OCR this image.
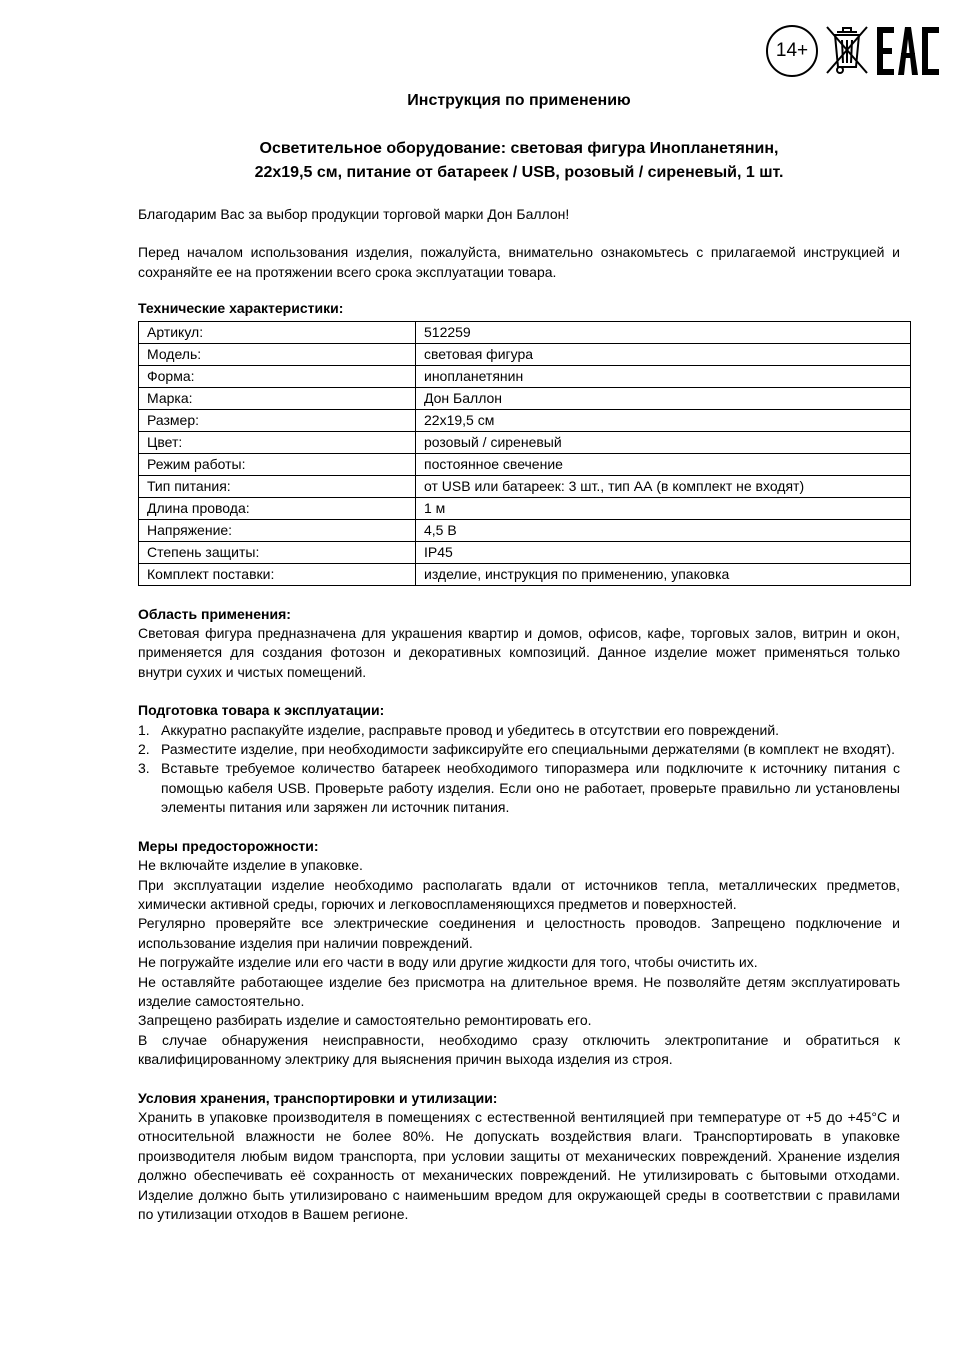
14+
Инструкция по применению
Осветительное оборудование: световая фигура Инопланетянин,
22x19,5 см, питание от батареек / USB, розовый / сиреневый, 1 шт.

Благодарим Вас за выбор продукции торговой марки Дон Баллон!

Перед началом использования изделия, пожалуйста, внимательно ознакомьтесь с прилагаемой инструкцией и сохраняйте ее на протяжении всего срока эксплуатации товара.

Технические характеристики:
Артикул:	512259
Модель:	световая фигура
Форма:	инопланетянин
Марка:	Дон Баллон
Размер:	22x19,5 см
Цвет:	розовый / сиреневый
Режим работы:	постоянное свечение
Тип питания:	от USB или батареек: 3 шт., тип АА (в комплект не входят)
Длина провода:	1 м
Напряжение:	4,5 В
Степень защиты:	IP45
Комплект поставки:	изделие, инструкция по применению, упаковка
Область применения:

Световая фигура предназначена для украшения квартир и домов, офисов, кафе, торговых залов, витрин и окон, применяется для создания фотозон и декоративных композиций. Данное изделие может применяться только внутри сухих и чистых помещений.

Подготовка товара к эксплуатации:
1. Аккуратно распакуйте изделие, расправьте провод и убедитесь в отсутствии его повреждений.
2. Разместите изделие, при необходимости зафиксируйте его специальными держателями (в комплект не входят).
3. Вставьте требуемое количество батареек необходимого типоразмера или подключите к источнику питания с помощью кабеля USB. Проверьте работу изделия. Если оно не работает, проверьте правильно ли установлены элементы питания или заряжен ли источник питания.
Меры предосторожности:

Не включайте изделие в упаковке.

При эксплуатации изделие необходимо располагать вдали от источников тепла, металлических предметов, химически активной среды, горючих и легковоспламеняющихся предметов и поверхностей.

Регулярно проверяйте все электрические соединения и целостность проводов. Запрещено подключение и использование изделия при наличии повреждений.

Не погружайте изделие или его части в воду или другие жидкости для того, чтобы очистить их.

Не оставляйте работающее изделие без присмотра на длительное время. Не позволяйте детям эксплуатировать изделие самостоятельно.

Запрещено разбирать изделие и самостоятельно ремонтировать его.

В случае обнаружения неисправности, необходимо сразу отключить электропитание и обратиться к квалифицированному электрику для выяснения причин выхода изделия из строя.

Условия хранения, транспортировки и утилизации:

Хранить в упаковке производителя в помещениях с естественной вентиляцией при температуре от +5 до +45°С и относительной влажности не более 80%. Не допускать воздействия влаги. Транспортировать в упаковке производителя любым видом транспорта, при условии защиты от механических повреждений. Хранение изделия должно обеспечивать её сохранность от механических повреждений. Не утилизировать с бытовыми отходами. Изделие должно быть утилизировано с наименьшим вредом для окружающей среды в соответствии с правилами по утилизации отходов в Вашем регионе.
